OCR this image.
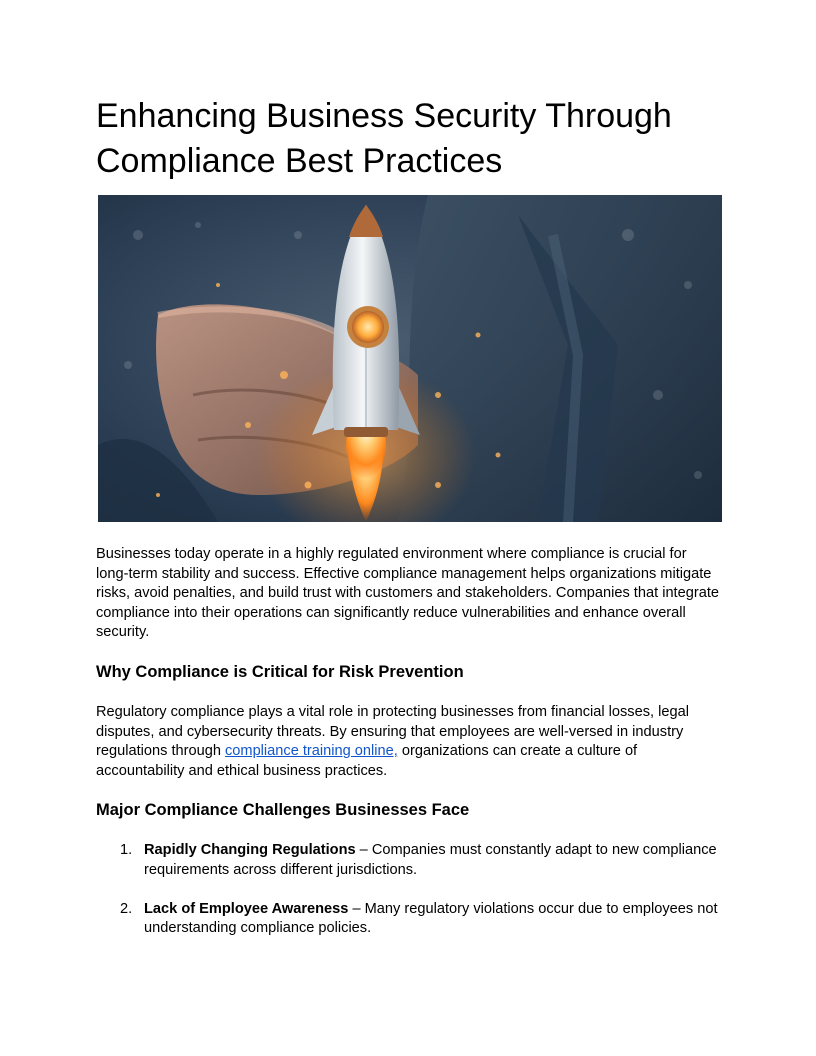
Enhancing Business Security Through Compliance Best Practices

Businesses today operate in a highly regulated environment where compliance is crucial for long-term stability and success. Effective compliance management helps organizations mitigate risks, avoid penalties, and build trust with customers and stakeholders. Companies that integrate compliance into their operations can significantly reduce vulnerabilities and enhance overall security.

Why Compliance is Critical for Risk Prevention

Regulatory compliance plays a vital role in protecting businesses from financial losses, legal disputes, and cybersecurity threats. By ensuring that employees are well-versed in industry regulations through compliance training online, organizations can create a culture of accountability and ethical business practices.

Major Compliance Challenges Businesses Face
1. Rapidly Changing Regulations – Companies must constantly adapt to new compliance requirements across different jurisdictions.
2. Lack of Employee Awareness – Many regulatory violations occur due to employees not understanding compliance policies.
